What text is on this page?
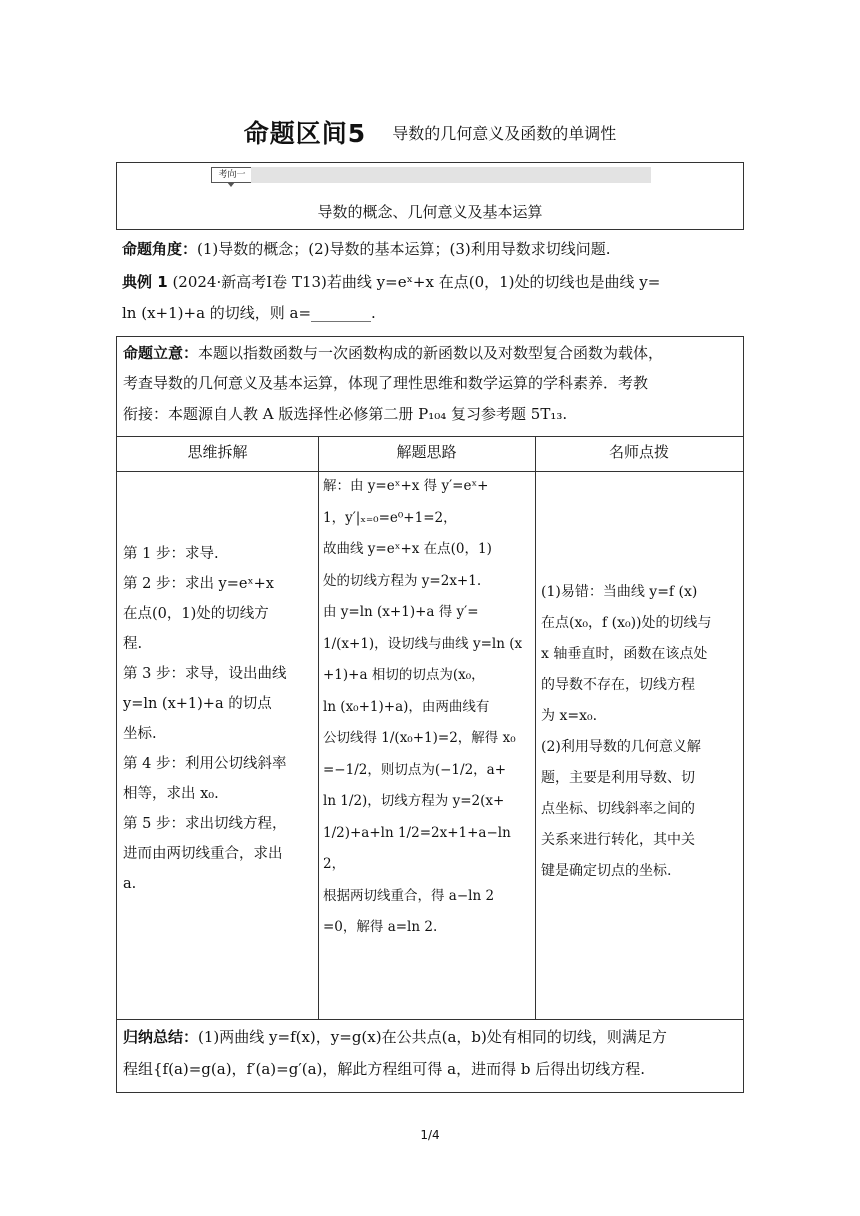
命题区间5 导数的几何意义及函数的单调性
考向一
导数的概念、几何意义及基本运算
命题角度：(1)导数的概念；(2)导数的基本运算；(3)利用导数求切线问题.
典例 1 (2024·新高考Ⅰ卷 T13)若曲线 y=eˣ+x 在点(0，1)处的切线也是曲线 y=
ln (x+1)+a 的切线，则 a=________.
命题立意：本题以指数函数与一次函数构成的新函数以及对数型复合函数为载体，
考查导数的几何意义及基本运算，体现了理性思维和数学运算的学科素养．考教
衔接：本题源自人教 A 版选择性必修第二册 P₁₀₄ 复习参考题 5T₁₃.
思维拆解	解题思路	名师点拨
第 1 步：求导.
第 2 步：求出 y=eˣ+x
在点(0，1)处的切线方
程.
第 3 步：求导，设出曲线
y=ln (x+1)+a 的切点
坐标.
第 4 步：利用公切线斜率
相等，求出 x₀.
第 5 步：求出切线方程，
进而由两切线重合，求出
a.
解：由 y=eˣ+x 得 y′=eˣ+
1，y′|ₓ₌₀=e⁰+1=2，
故曲线 y=eˣ+x 在点(0，1)
处的切线方程为 y=2x+1.
由 y=ln (x+1)+a 得 y′=
1/(x+1)，设切线与曲线 y=ln (x
+1)+a 相切的切点为(x₀，
ln (x₀+1)+a)，由两曲线有
公切线得 1/(x₀+1)=2，解得 x₀
=−1/2，则切点为(−1/2，a+
ln 1/2)，切线方程为 y=2(x+
1/2)+a+ln 1/2=2x+1+a−ln
2，
根据两切线重合，得 a−ln 2
=0，解得 a=ln 2.
(1)易错：当曲线 y=f (x)
在点(x₀，f (x₀))处的切线与
x 轴垂直时，函数在该点处
的导数不存在，切线方程
为 x=x₀.
(2)利用导数的几何意义解
题，主要是利用导数、切
点坐标、切线斜率之间的
关系来进行转化，其中关
键是确定切点的坐标.
归纳总结：(1)两曲线 y=f(x)，y=g(x)在公共点(a，b)处有相同的切线，则满足方
程组{f(a)=g(a)，f′(a)=g′(a)，解此方程组可得 a，进而得 b 后得出切线方程.
1/4
